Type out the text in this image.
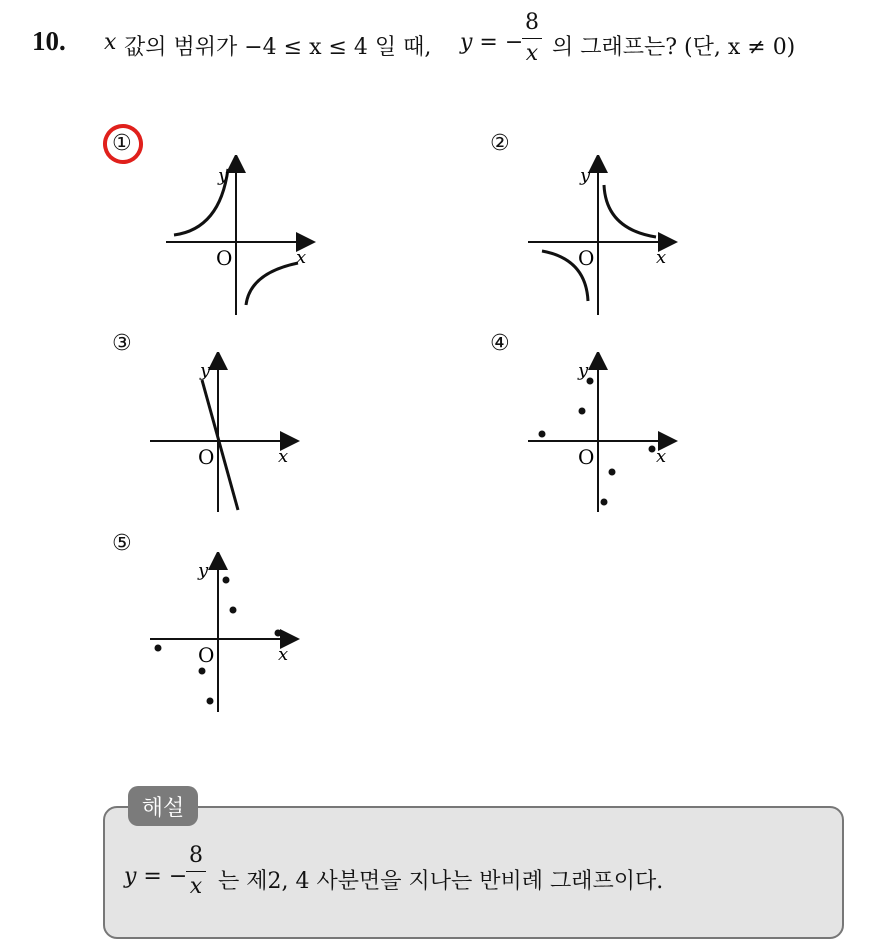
10. x 값의 범위가 −4 ≤ x ≤ 4 일 때, y = −
$\frac{8}{x}$ 의 그래프는? (단, x ≠ 0)
①	②
③	④
⑤
y
x
O
y
x
O
y
x
O
y
x
O
y
x
O
해설
y = −
$\frac{8}{x}$ 는 제2, 4 사분면을 지나는 반비례 그래프이다.
